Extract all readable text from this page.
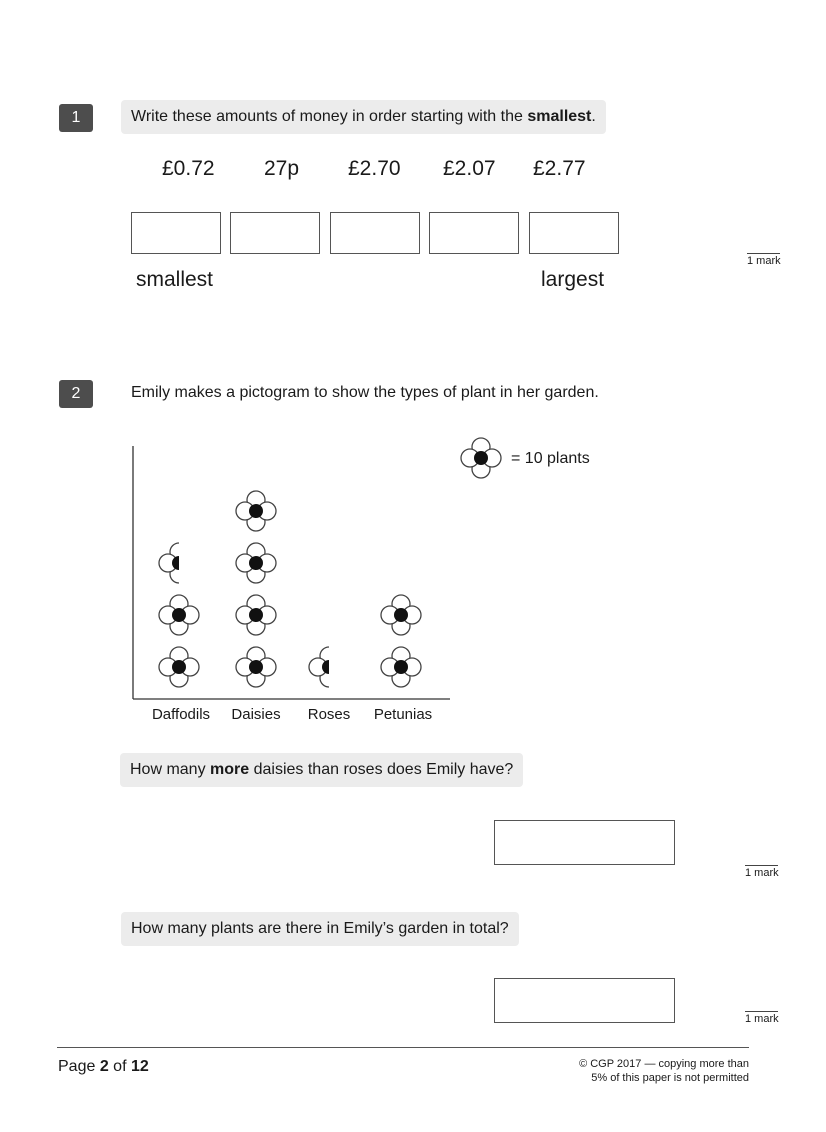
1	Write these amounts of money in order starting with the smallest.
£0.72 27p £2.70 £2.07 £2.77
smallest	largest
1 mark
2	Emily makes a pictogram to show the types of plant in her garden.
= 10 plants
Daffodils Daisies Roses Petunias
How many more daisies than roses does Emily have?
1 mark
How many plants are there in Emily’s garden in total?
1 mark
Page 2 of 12	© CGP 2017 — copying more than
5% of this paper is not permitted
